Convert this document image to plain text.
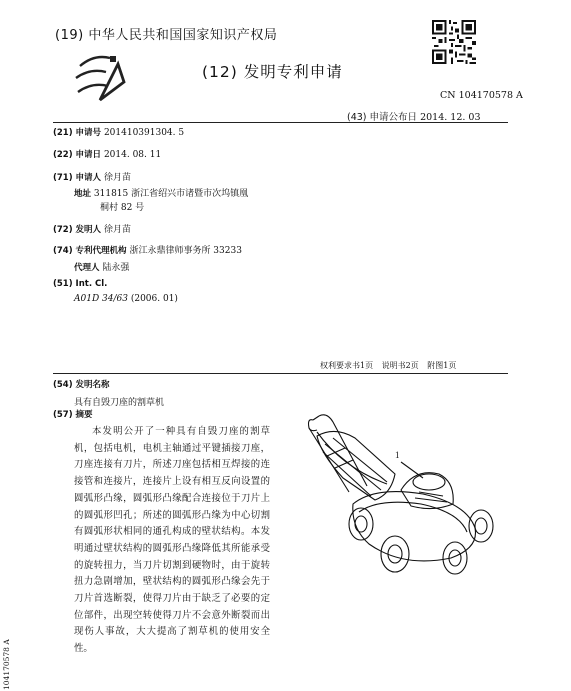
(19) 中华人民共和国国家知识产权局
(12) 发明专利申请
CN 104170578 A
(43) 申请公布日 2014. 12. 03
(21) 申请号 201410391304. 5
(22) 申请日 2014. 08. 11
(71) 申请人 徐月苗
地址 311815 浙江省绍兴市诸暨市次坞镇凰
桐村 82 号
(72) 发明人 徐月苗
(74) 专利代理机构 浙江永鼎律师事务所 33233
代理人 陆永强
(51) Int. Cl.
A01D 34/63 (2006. 01)
权利要求书1页 说明书2页 附图1页
(54) 发明名称
具有自毁刀座的割草机
(57) 摘要
本发明公开了一种具有自毁刀座的割草机，包括电机，电机主轴通过平键插接刀座，刀座连接有刀片，所述刀座包括相互焊接的连接管和连接片，连接片上设有相互反向设置的圆弧形凸缘，圆弧形凸缘配合连接位于刀片上的圆弧形凹孔；所述的圆弧形凸缘为中心切割有圆弧形状相同的通孔构成的壁状结构。本发明通过壁状结构的圆弧形凸缘降低其所能承受的旋转扭力，当刀片切割到硬物时，由于旋转扭力急剧增加，壁状结构的圆弧形凸缘会先于刀片首选断裂，使得刀片由于缺乏了必要的定位部件，出现空转使得刀片不会意外断裂而出现伤人事故，大大提高了割草机的使用安全性。
1
104170578 A
